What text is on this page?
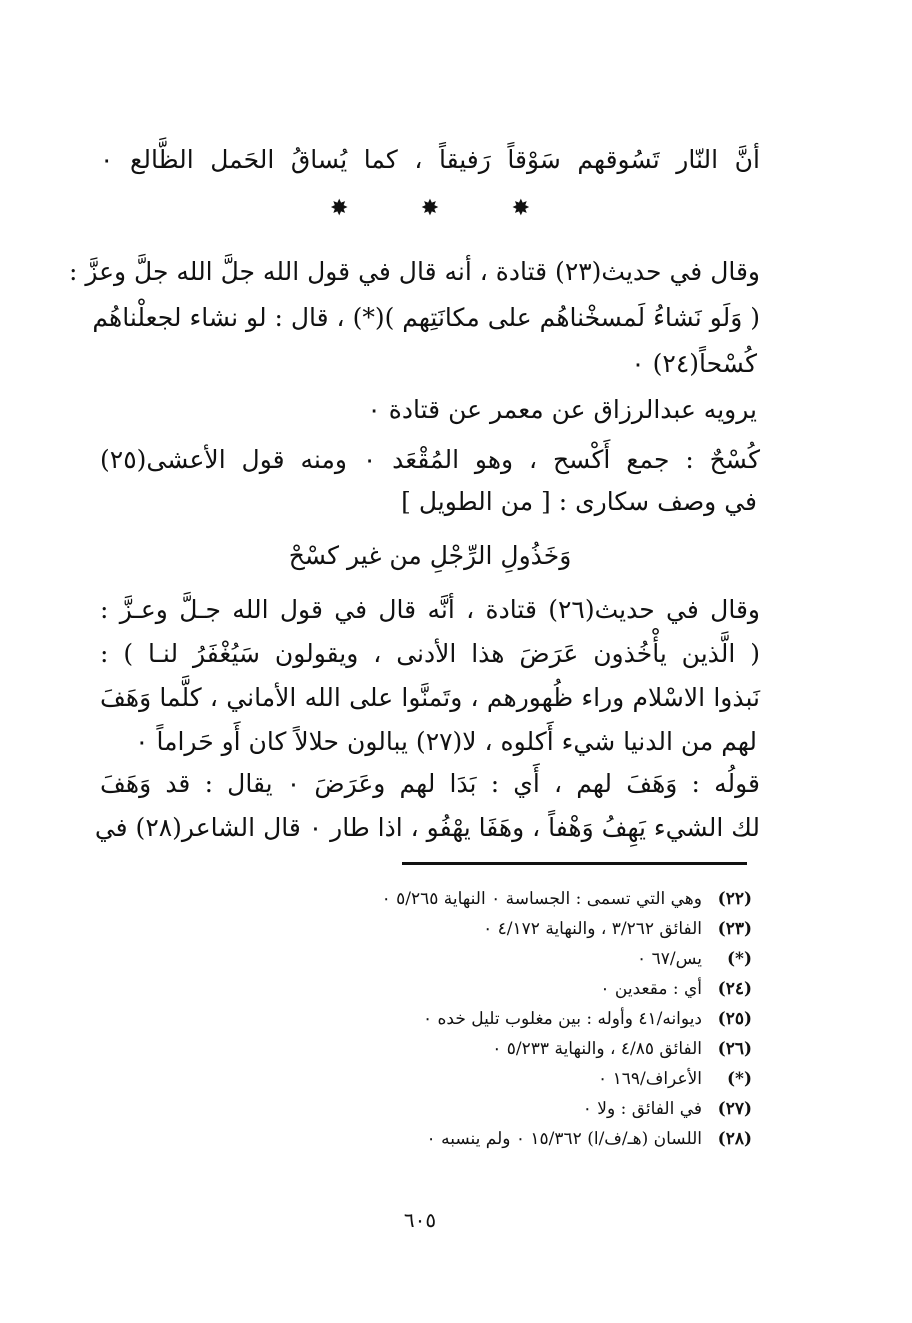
أنَّ النّار تَسُوقهم سَوْقاً رَفيقاً ، كما يُساقُ الحَمل الظَّالع ٠
✸	✸	✸
وقال في حديث(٢٣) قتادة ، أنه قال في قول الله جلَّ الله جلَّ وعزَّ :
( وَلَو نَشاءُ لَمسخْناهُم على مكانَتِهم )(*) ، قال : لو نشاء لجعلْناهُم
كُسْحاً(٢٤) ٠
يرويه عبدالرزاق عن معمر عن قتادة ٠
كُسْحٌ : جمع أَكْسح ، وهو المُقْعَد ٠ ومنه قول الأعشى(٢٥)
في وصف سكارى : [ من الطويل ]
وَخَذُولِ الرِّجْلِ من غير كسْحْ
وقال في حديث(٢٦) قتادة ، أنَّه قال في قول الله جـلَّ وعـزَّ :
( الَّذين يأْخُذون عَرَضَ هذا الأدنى ، ويقولون سَيُغْفَرُ لنـا ) :
نَبذوا الاسْلام وراء ظُهورهم ، وتَمنَّوا على الله الأماني ، كلَّما وَهَفَ
لهم من الدنيا شيء أَكلوه ، لا(٢٧) يبالون حلالاً كان أَو حَراماً ٠
قولُه : وَهَفَ لهم ، أَي : بَدَا لهم وعَرَضَ ٠ يقال : قد وَهَفَ
لك الشيء يَهِفُ وَهْفاً ، وهَفَا يهْفُو ، اذا طار ٠ قال الشاعر(٢٨) في
(٢٢)
وهي التي تسمى : الجساسة ٠ النهاية ٥/٢٦٥ ٠
(٢٣)
الفائق ٣/٢٦٢ ، والنهاية ٤/١٧٢ ٠
(*)
يس/٦٧ ٠
(٢٤)
أي : مقعدين ٠
(٢٥)
ديوانه/٤١ وأوله : بين مغلوب تليل خده ٠
(٢٦)
الفائق ٤/٨٥ ، والنهاية ٥/٢٣٣ ٠
(*)
الأعراف/١٦٩ ٠
(٢٧)
في الفائق : ولا ٠
(٢٨)
اللسان (هـ/ف/ا) ١٥/٣٦٢ ٠ ولم ينسبه ٠
٦٠٥
